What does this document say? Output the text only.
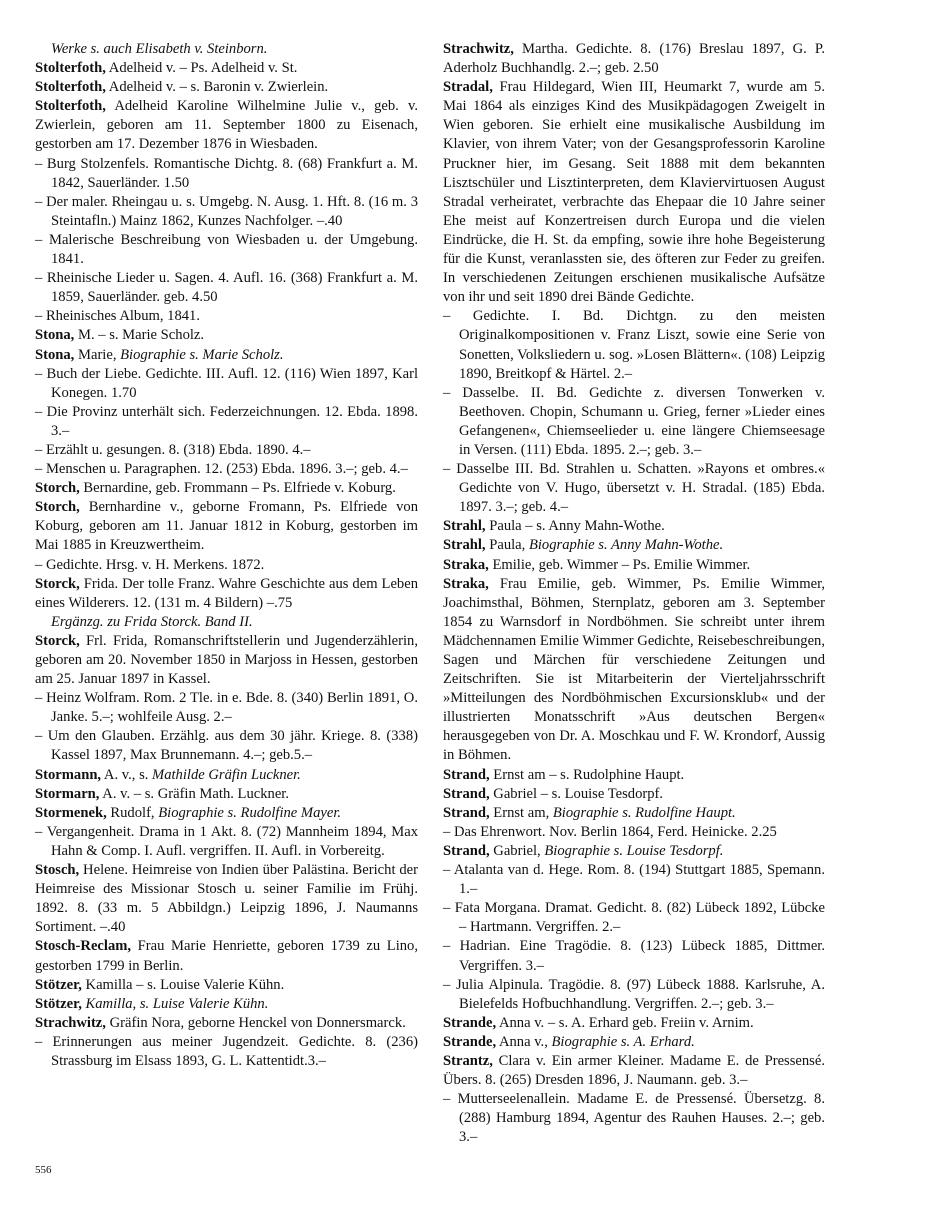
Werke s. auch Elisabeth v. Steinborn.

Stolterfoth, Adelheid v. – Ps. Adelheid v. St.

Stolterfoth, Adelheid v. – s. Baronin v. Zwierlein.

Stolterfoth, Adelheid Karoline Wilhelmine Julie v., geb. v. Zwierlein, geboren am 11. September 1800 zu Eisenach, gestorben am 17. Dezember 1876 in Wiesbaden.

– Burg Stolzenfels. Romantische Dichtg. 8. (68) Frankfurt a. M. 1842, Sauerländer. 1.50

– Der maler. Rheingau u. s. Umgebg. N. Ausg. 1. Hft. 8. (16 m. 3 Steintafln.) Mainz 1862, Kunzes Nachfolger. –.40

– Malerische Beschreibung von Wiesbaden u. der Umgebung. 1841.

– Rheinische Lieder u. Sagen. 4. Aufl. 16. (368) Frankfurt a. M. 1859, Sauerländer. geb. 4.50

– Rheinisches Album, 1841.

Stona, M. – s. Marie Scholz.

Stona, Marie, Biographie s. Marie Scholz.

– Buch der Liebe. Gedichte. III. Aufl. 12. (116) Wien 1897, Karl Konegen. 1.70

– Die Provinz unterhält sich. Federzeichnungen. 12. Ebda. 1898. 3.–

– Erzählt u. gesungen. 8. (318) Ebda. 1890. 4.–

– Menschen u. Paragraphen. 12. (253) Ebda. 1896. 3.–; geb. 4.–

Storch, Bernardine, geb. Frommann – Ps. Elfriede v. Koburg.

Storch, Bernhardine v., geborne Fromann, Ps. Elfriede von Koburg, geboren am 11. Januar 1812 in Koburg, gestorben im Mai 1885 in Kreuzwertheim.

– Gedichte. Hrsg. v. H. Merkens. 1872.

Storck, Frida. Der tolle Franz. Wahre Geschichte aus dem Leben eines Wilderers. 12. (131 m. 4 Bildern) –.75

Ergänzg. zu Frida Storck. Band II.

Storck, Frl. Frida, Romanschriftstellerin und Jugenderzählerin, geboren am 20. November 1850 in Marjoss in Hessen, gestorben am 25. Januar 1897 in Kassel.

– Heinz Wolfram. Rom. 2 Tle. in e. Bde. 8. (340) Berlin 1891, O. Janke. 5.–; wohlfeile Ausg. 2.–

– Um den Glauben. Erzählg. aus dem 30 jähr. Kriege. 8. (338) Kassel 1897, Max Brunnemann. 4.–; geb.5.–

Stormann, A. v., s. Mathilde Gräfin Luckner.

Stormarn, A. v. – s. Gräfin Math. Luckner.

Stormenek, Rudolf, Biographie s. Rudolfine Mayer.

– Vergangenheit. Drama in 1 Akt. 8. (72) Mannheim 1894, Max Hahn & Comp. I. Aufl. vergriffen. II. Aufl. in Vorbereitg.

Stosch, Helene. Heimreise von Indien über Palästina. Bericht der Heimreise des Missionar Stosch u. seiner Familie im Frühj. 1892. 8. (33 m. 5 Abbildgn.) Leipzig 1896, J. Naumanns Sortiment. –.40

Stosch-Reclam, Frau Marie Henriette, geboren 1739 zu Lino, gestorben 1799 in Berlin.

Stötzer, Kamilla – s. Louise Valerie Kühn.

Stötzer, Kamilla, s. Luise Valerie Kühn.

Strachwitz, Gräfin Nora, geborne Henckel von Donnersmarck.

– Erinnerungen aus meiner Jugendzeit. Gedichte. 8. (236) Strassburg im Elsass 1893, G. L. Kattentidt.3.–

Strachwitz, Martha. Gedichte. 8. (176) Breslau 1897, G. P. Aderholz Buchhandlg. 2.–; geb. 2.50

Stradal, Frau Hildegard, Wien III, Heumarkt 7, wurde am 5. Mai 1864 als einziges Kind des Musikpädagogen Zweigelt in Wien geboren. Sie erhielt eine musikalische Ausbildung im Klavier, von ihrem Vater; von der Gesangsprofessorin Karoline Pruckner hier, im Gesang. Seit 1888 mit dem bekannten Lisztschüler und Lisztinterpreten, dem Klaviervirtuosen August Stradal verheiratet, verbrachte das Ehepaar die 10 Jahre seiner Ehe meist auf Konzertreisen durch Europa und die vielen Eindrücke, die H. St. da empfing, sowie ihre hohe Begeisterung für die Kunst, veranlassten sie, des öfteren zur Feder zu greifen. In verschiedenen Zeitungen erschienen musikalische Aufsätze von ihr und seit 1890 drei Bände Gedichte.

– Gedichte. I. Bd. Dichtgn. zu den meisten Originalkompositionen v. Franz Liszt, sowie eine Serie von Sonetten, Volksliedern u. sog. »Losen Blättern«. (108) Leipzig 1890, Breitkopf & Härtel. 2.–

– Dasselbe. II. Bd. Gedichte z. diversen Tonwerken v. Beethoven. Chopin, Schumann u. Grieg, ferner »Lieder eines Gefangenen«, Chiemseelieder u. eine längere Chiemseesage in Versen. (111) Ebda. 1895. 2.–; geb. 3.–

– Dasselbe III. Bd. Strahlen u. Schatten. »Rayons et ombres.« Gedichte von V. Hugo, übersetzt v. H. Stradal. (185) Ebda. 1897. 3.–; geb. 4.–

Strahl, Paula – s. Anny Mahn-Wothe.

Strahl, Paula, Biographie s. Anny Mahn-Wothe.

Straka, Emilie, geb. Wimmer – Ps. Emilie Wimmer.

Straka, Frau Emilie, geb. Wimmer, Ps. Emilie Wimmer, Joachimsthal, Böhmen, Sternplatz, geboren am 3. September 1854 zu Warnsdorf in Nordböhmen. Sie schreibt unter ihrem Mädchennamen Emilie Wimmer Gedichte, Reisebeschreibungen, Sagen und Märchen für verschiedene Zeitungen und Zeitschriften. Sie ist Mitarbeiterin der Vierteljahrsschrift »Mitteilungen des Nordböhmischen Excursionsklub« und der illustrierten Monatsschrift »Aus deutschen Bergen« herausgegeben von Dr. A. Moschkau und F. W. Krondorf, Aussig in Böhmen.

Strand, Ernst am – s. Rudolphine Haupt.

Strand, Gabriel – s. Louise Tesdorpf.

Strand, Ernst am, Biographie s. Rudolfine Haupt.

– Das Ehrenwort. Nov. Berlin 1864, Ferd. Heinicke. 2.25

Strand, Gabriel, Biographie s. Louise Tesdorpf.

– Atalanta van d. Hege. Rom. 8. (194) Stuttgart 1885, Spemann. 1.–

– Fata Morgana. Dramat. Gedicht. 8. (82) Lübeck 1892, Lübcke – Hartmann. Vergriffen. 2.–

– Hadrian. Eine Tragödie. 8. (123) Lübeck 1885, Dittmer. Vergriffen. 3.–

– Julia Alpinula. Tragödie. 8. (97) Lübeck 1888. Karlsruhe, A. Bielefelds Hofbuchhandlung. Vergriffen. 2.–; geb. 3.–

Strande, Anna v. – s. A. Erhard geb. Freiin v. Arnim.

Strande, Anna v., Biographie s. A. Erhard.

Strantz, Clara v. Ein armer Kleiner. Madame E. de Pressensé. Übers. 8. (265) Dresden 1896, J. Naumann. geb. 3.–

– Mutterseelenallein. Madame E. de Pressensé. Übersetzg. 8. (288) Hamburg 1894, Agentur des Rauhen Hauses. 2.–; geb. 3.–

556
